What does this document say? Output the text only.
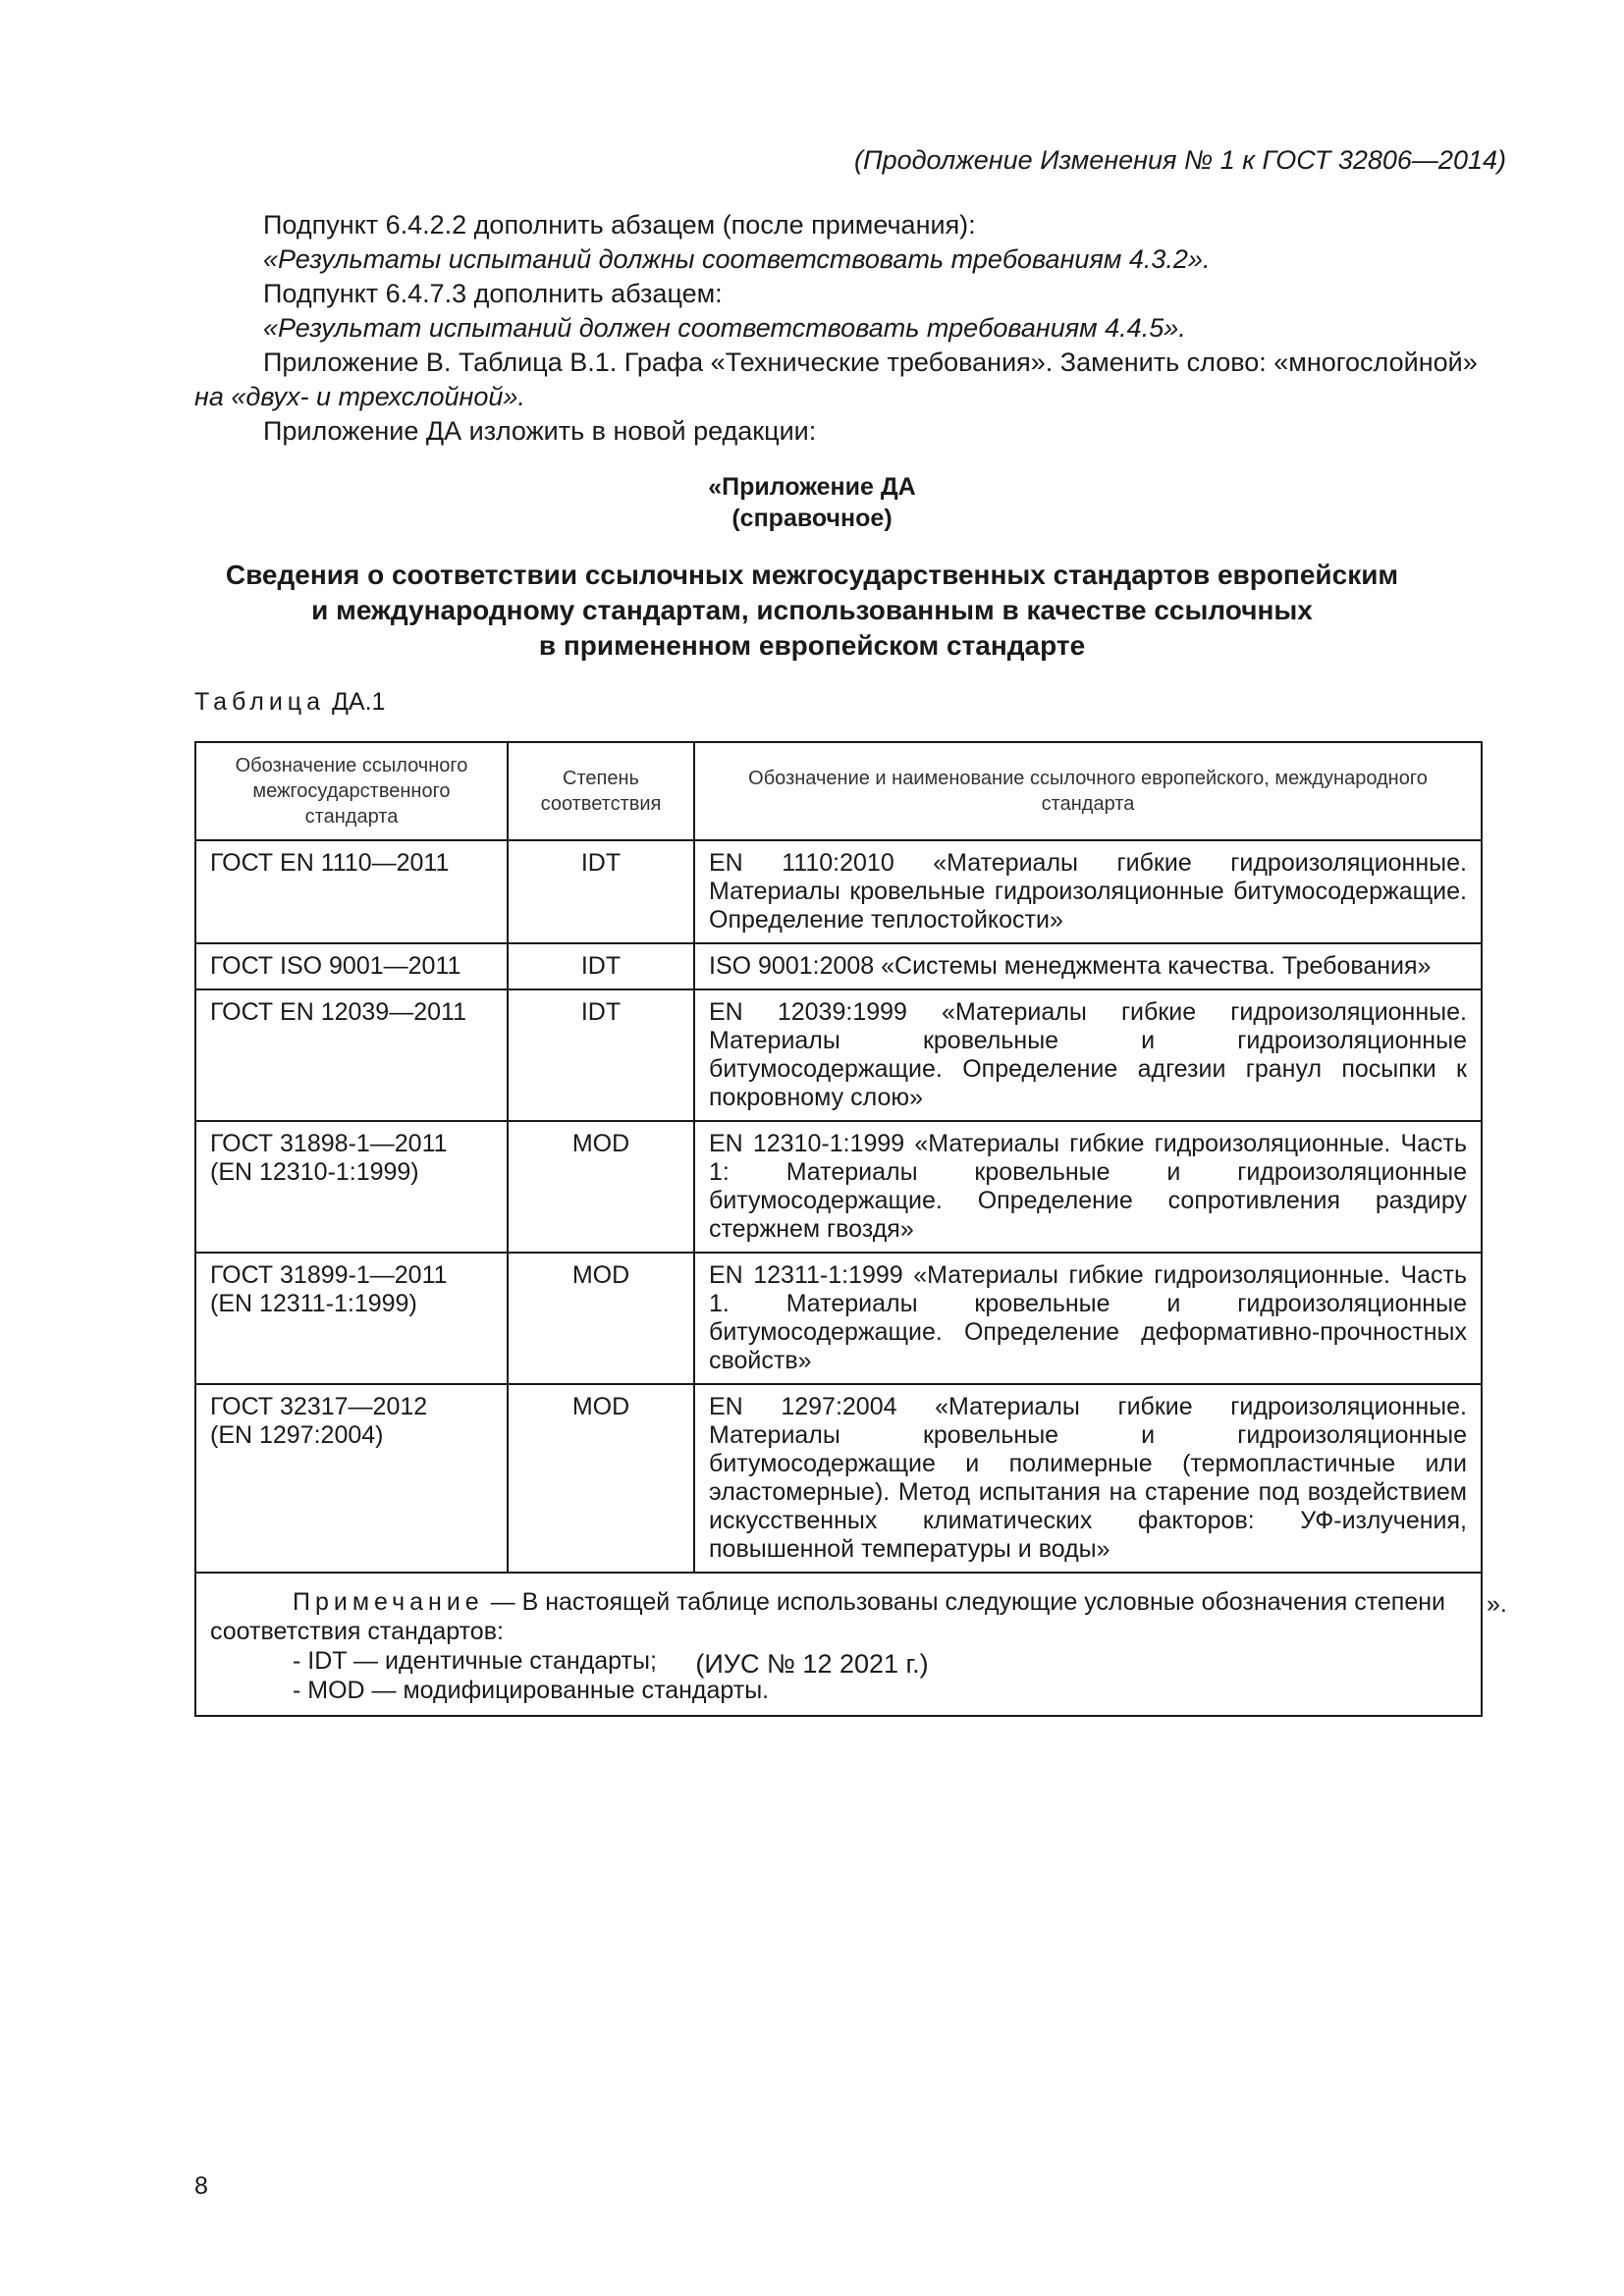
(Продолжение Изменения № 1 к ГОСТ 32806—2014)

Подпункт 6.4.2.2 дополнить абзацем (после примечания):

«Результаты испытаний должны соответствовать требованиям 4.3.2».

Подпункт 6.4.7.3 дополнить абзацем:

«Результат испытаний должен соответствовать требованиям 4.4.5».

Приложение В. Таблица В.1. Графа «Технические требования». Заменить слово: «многослойной»

на «двух- и трехслойной».

Приложение ДА изложить в новой редакции:

«Приложение ДА
(справочное)
Сведения о соответствии ссылочных межгосударственных стандартов европейским
и международному стандартам, использованным в качестве ссылочных
в примененном европейском стандарте
Таблица ДА.1
Обозначение ссылочного межгосударственного стандарта	Степень соответствия	Обозначение и наименование ссылочного европейского, международного стандарта

ГОСТ EN 1110—2011	IDT	EN 1110:2010 «Материалы гибкие гидроизоляционные. Материалы кровельные гидроизоляционные битумосодержащие. Определение теплостойкости»

ГОСТ ISO 9001—2011	IDT	ISO 9001:2008 «Системы менеджмента качества. Требования»

ГОСТ EN 12039—2011	IDT	EN 12039:1999 «Материалы гибкие гидроизоляционные. Материалы кровельные и гидроизоляционные битумосодержащие. Определение адгезии гранул посыпки к покровному слою»

ГОСТ 31898-1—2011
(EN 12310-1:1999)	MOD	EN 12310-1:1999 «Материалы гибкие гидроизоляционные. Часть 1: Материалы кровельные и гидроизоляционные битумосодержащие. Определение сопротивления раздиру стержнем гвоздя»

ГОСТ 31899-1—2011
(EN 12311-1:1999)	MOD	EN 12311-1:1999 «Материалы гибкие гидроизоляционные. Часть 1. Материалы кровельные и гидроизоляционные битумосодержащие. Определение деформативно-прочностных свойств»

ГОСТ 32317—2012
(EN 1297:2004)	MOD	EN 1297:2004 «Материалы гибкие гидроизоляционные. Материалы кровельные и гидроизоляционные битумосодержащие и полимерные (термопластичные или эластомерные). Метод испытания на старение под воздействием искусственных климатических факторов: УФ-излучения, повышенной температуры и воды»

Примечание — В настоящей таблице использованы следующие условные обозначения степени соответствия стандартов:

- IDT — идентичные стандарты;

- MOD — модифицированные стандарты.		

».
(ИУС № 12 2021 г.)
8
